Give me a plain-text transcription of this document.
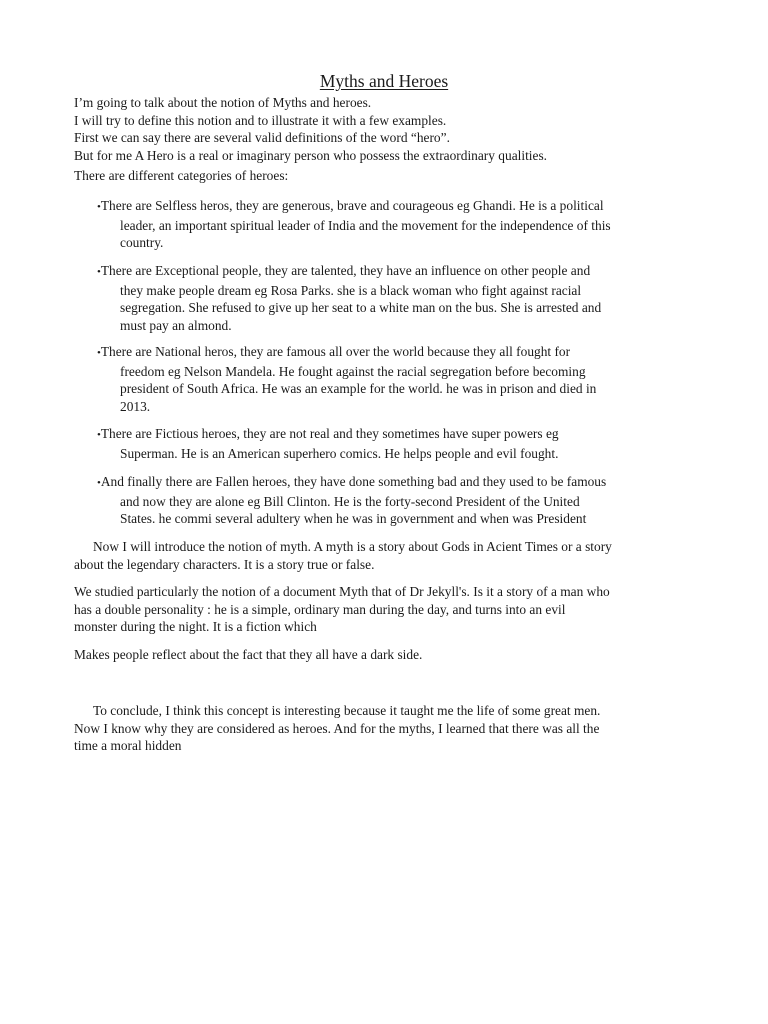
Myths and Heroes

I’m going to talk about the notion of Myths and heroes.

I will try to define this notion and to illustrate it with a few examples.

First we can say there are several valid definitions of the word “hero”.

But for me A Hero is a real or imaginary person who possess the extraordinary qualities.

There are different categories of heroes:

•There are Selfless heros, they are generous, brave and courageous eg Ghandi. He is a political
leader, an important spiritual leader of India and the movement for the independence of this
country.
•There are Exceptional people, they are talented, they have an influence on other people and
they make people dream eg Rosa Parks. she is a black woman who fight against racial
segregation. She refused to give up her seat to a white man on the bus. She is arrested and
must pay an almond.
•There are National heros, they are famous all over the world because they all fought for
freedom eg Nelson Mandela. He fought against the racial segregation before becoming
president of South Africa. He was an example for the world. he was in prison and died in
2013.
•There are Fictious heroes, they are not real and they sometimes have super powers eg
Superman. He is an American superhero comics. He helps people and evil fought.
•And finally there are Fallen heroes, they have done something bad and they used to be famous
and now they are alone eg Bill Clinton. He is the forty-second President of the United
States. he commi several adultery when he was in government and when was President
Now I will introduce the notion of myth. A myth is a story about Gods in Acient Times or a story
about the legendary characters. It is a story true or false.
We studied particularly the notion of a document Myth that of Dr Jekyll's. Is it a story of a man who
has a double personality : he is a simple, ordinary man during the day, and turns into an evil
monster during the night. It is a fiction which
Makes people reflect about the fact that they all have a dark side.
To conclude, I think this concept is interesting because it taught me the life of some great men.
Now I know why they are considered as heroes. And for the myths, I learned that there was all the
time a moral hidden
